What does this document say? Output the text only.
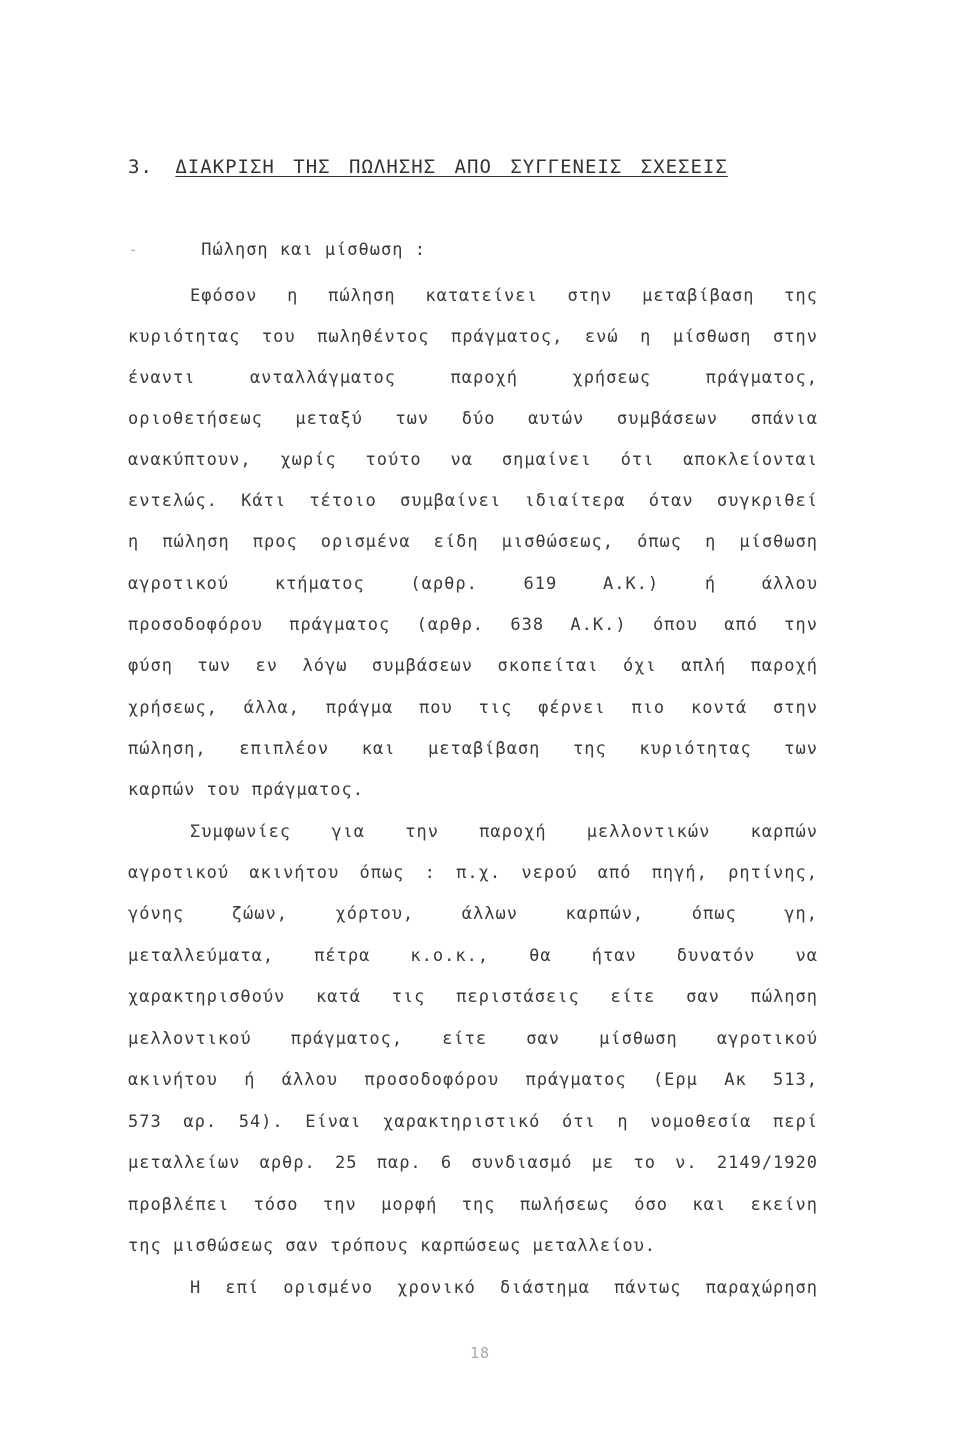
3. ΔΙΑΚΡΙΣΗ ΤΗΣ ΠΩΛΗΣΗΣ ΑΠΟ ΣΥΓΓΕΝΕΙΣ ΣΧΕΣΕΙΣ
-	Πώληση και μίσθωση :
Εφόσον η πώληση κατατείνει στην μεταβίβαση της
κυριότητας του πωληθέντος πράγματος, ενώ η μίσθωση στην
έναντι ανταλλάγματος παροχή χρήσεως πράγματος,
οριοθετήσεως μεταξύ των δύο αυτών συμβάσεων σπάνια
ανακύπτουν, χωρίς τούτο να σημαίνει ότι αποκλείονται
εντελώς. Κάτι τέτοιο συμβαίνει ιδιαίτερα όταν συγκριθεί
η πώληση προς ορισμένα είδη μισθώσεως, όπως η μίσθωση
αγροτικού κτήματος (αρθρ. 619 Α.Κ.) ή άλλου
προσοδοφόρου πράγματος (αρθρ. 638 Α.Κ.) όπου από την
φύση των εν λόγω συμβάσεων σκοπείται όχι απλή παροχή
χρήσεως, άλλα, πράγμα που τις φέρνει πιο κοντά στην
πώληση, επιπλέον και μεταβίβαση της κυριότητας των
καρπών του πράγματος.
Συμφωνίες για την παροχή μελλοντικών καρπών
αγροτικού ακινήτου όπως : π.χ. νερού από πηγή, ρητίνης,
γόνης ζώων, χόρτου, άλλων καρπών, όπως γη,
μεταλλεύματα, πέτρα κ.ο.κ., θα ήταν δυνατόν να
χαρακτηρισθούν κατά τις περιστάσεις είτε σαν πώληση
μελλοντικού πράγματος, είτε σαν μίσθωση αγροτικού
ακινήτου ή άλλου προσοδοφόρου πράγματος (Ερμ Ακ 513,
573 αρ. 54). Είναι χαρακτηριστικό ότι η νομοθεσία περί
μεταλλείων αρθρ. 25 παρ. 6 συνδιασμό με το ν. 2149/1920
προβλέπει τόσο την μορφή της πωλήσεως όσο και εκείνη
της μισθώσεως σαν τρόπους καρπώσεως μεταλλείου.
Η επί ορισμένο χρονικό διάστημα πάντως παραχώρηση
18
